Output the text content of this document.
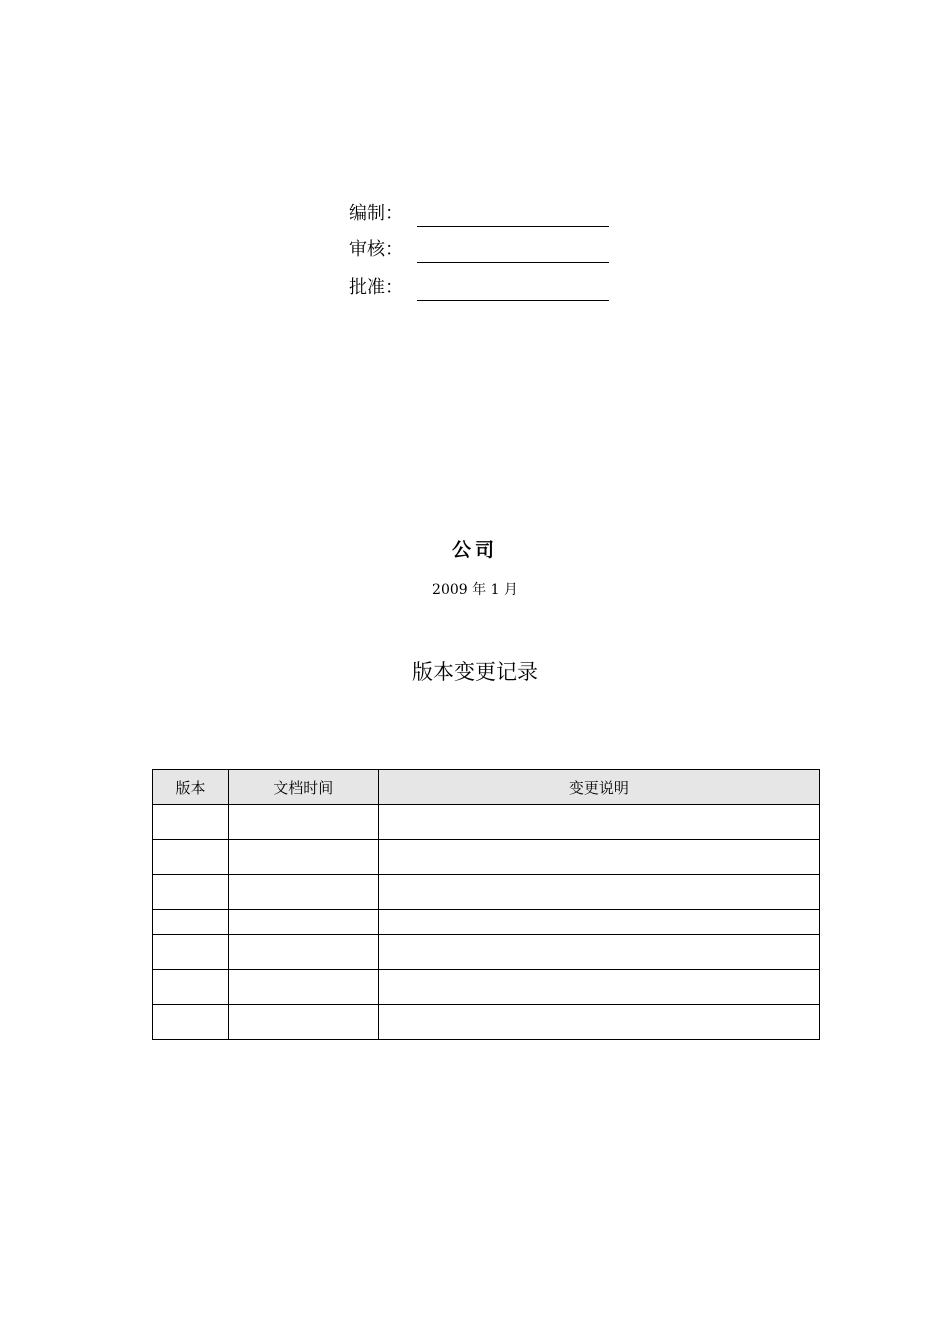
编制：
审核：
批准：
公司
2009 年 1 月
版本变更记录
版本	文档时间	变更说明
